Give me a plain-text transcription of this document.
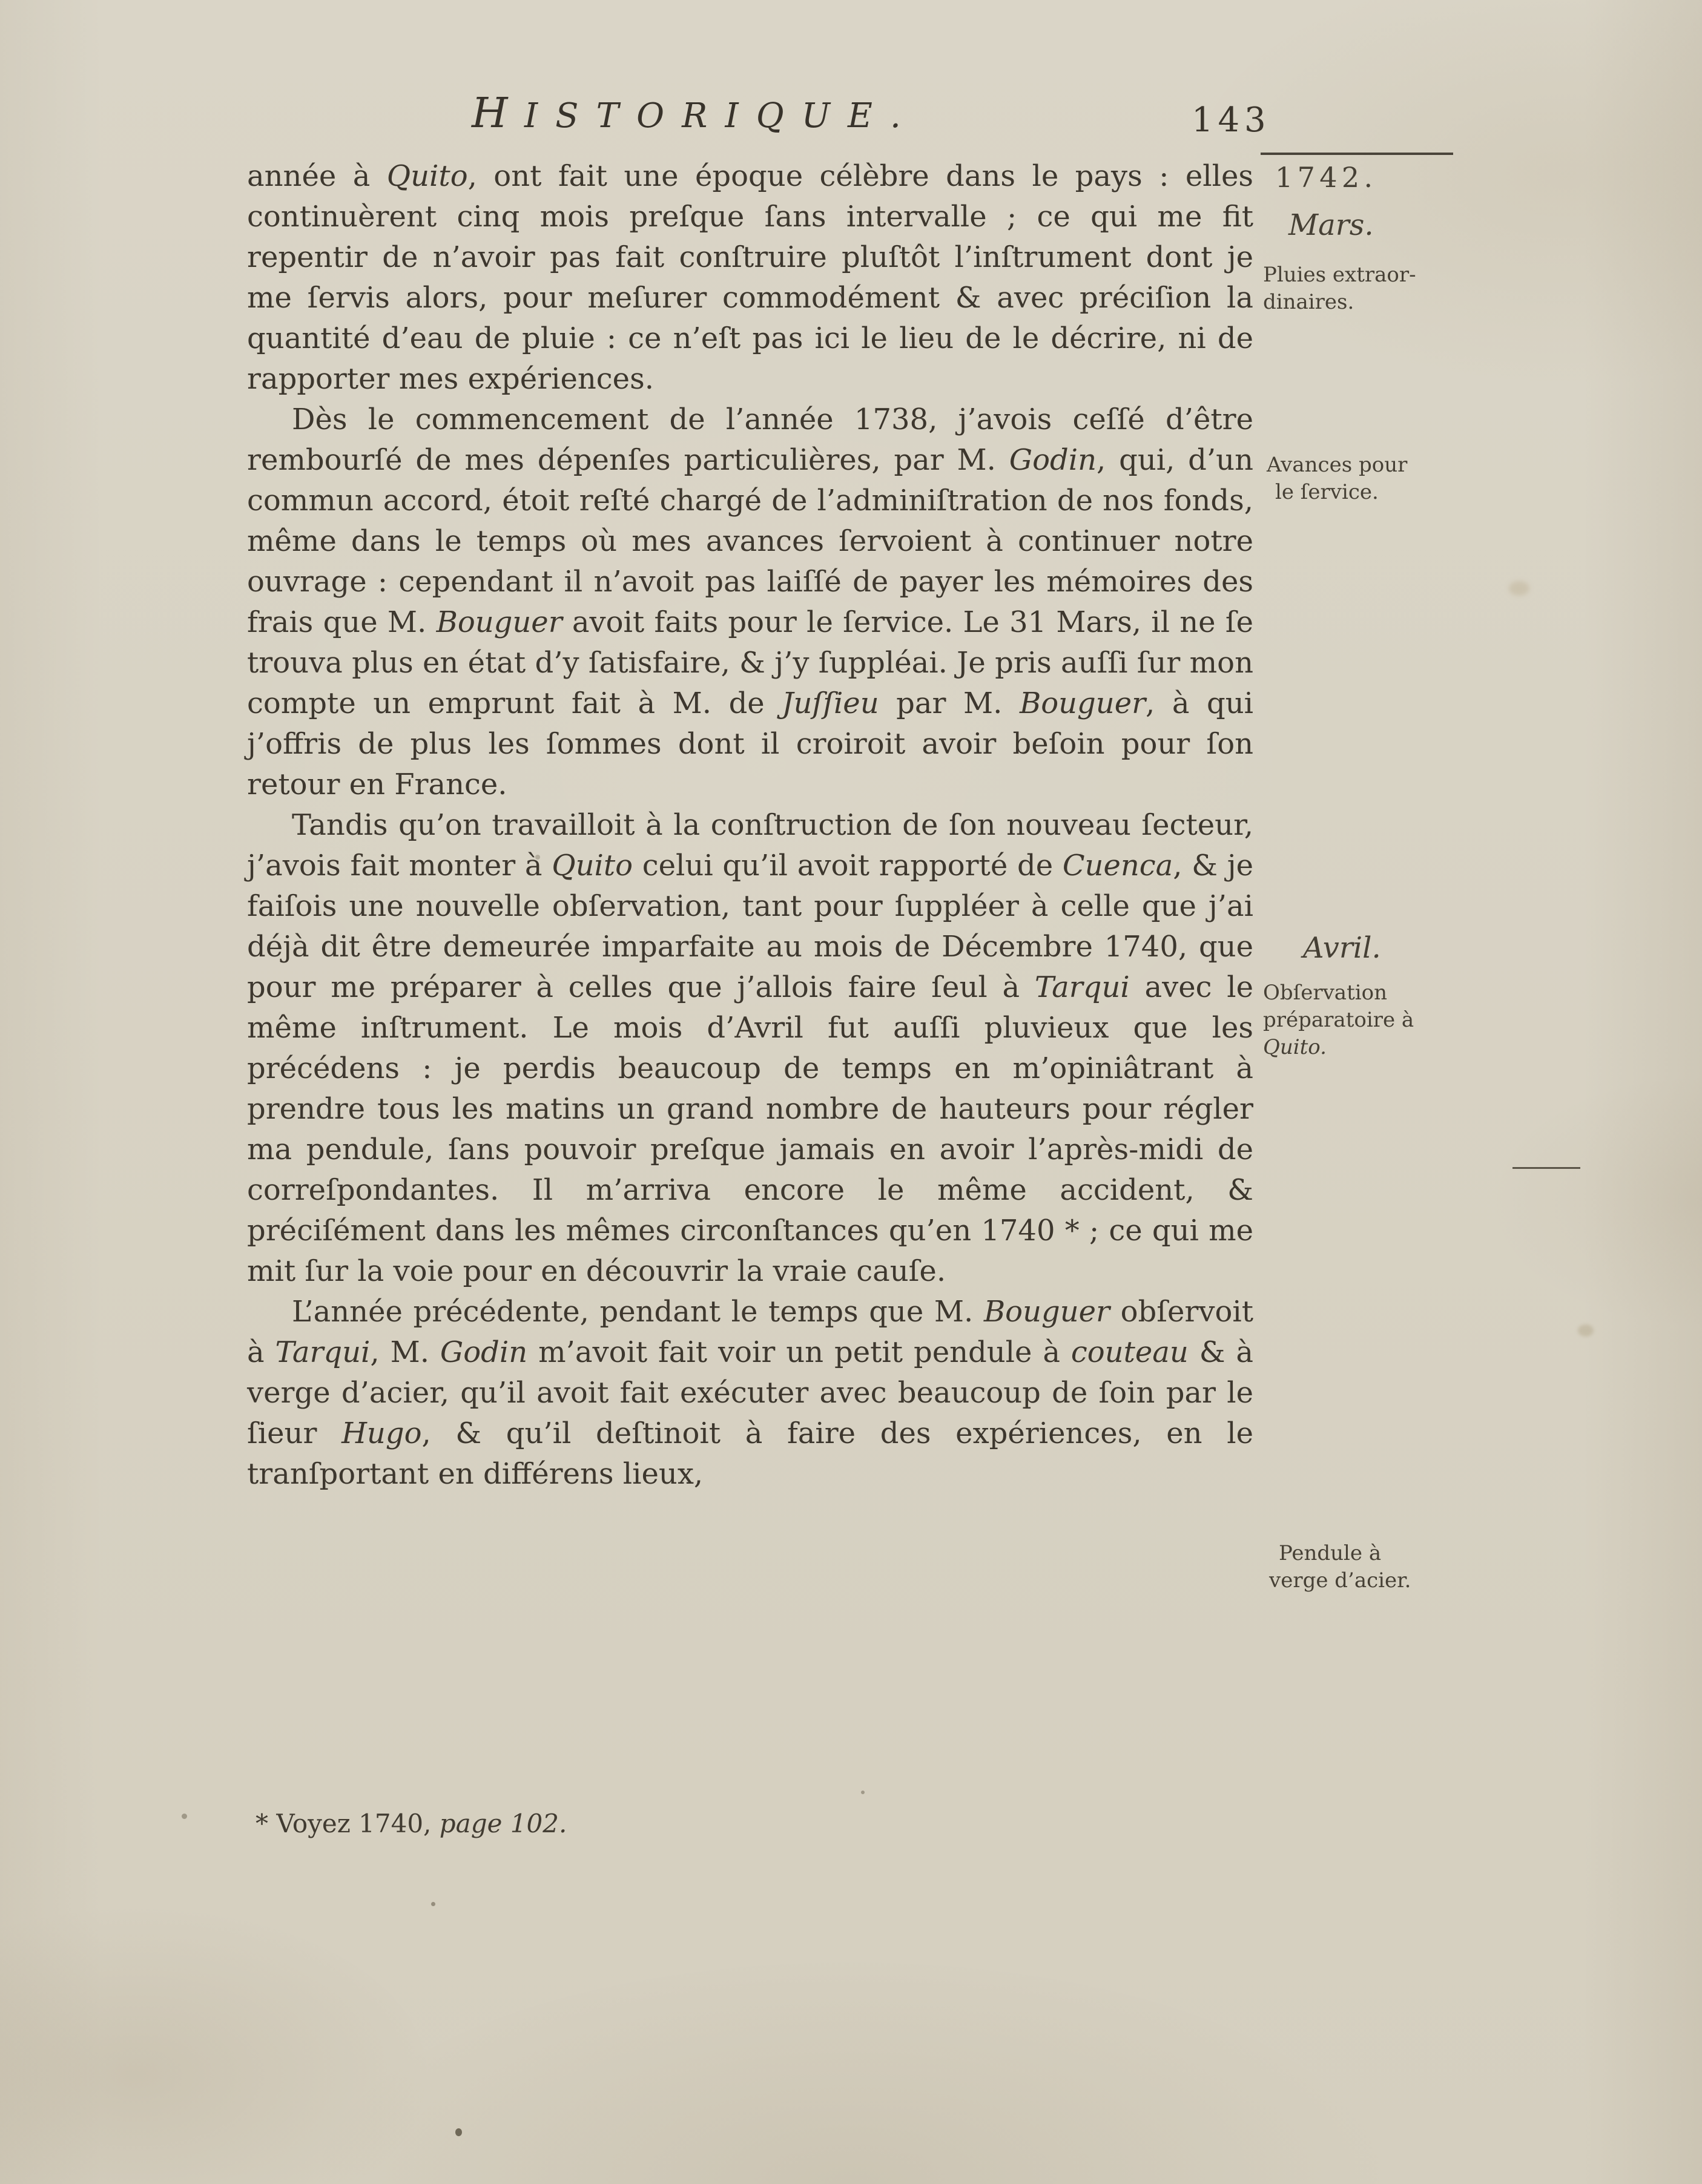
HISTORIQUE.	143

année à Quito, ont fait une époque célèbre dans le pays : elles continuèrent cinq mois preſque ſans intervalle ; ce qui me fit repentir de n’avoir pas fait conſtruire pluſtôt l’inſtrument dont je me ſervis alors, pour meſurer commodément & avec préciſion la quantité d’eau de pluie : ce n’eſt pas ici le lieu de le décrire, ni de rapporter mes expériences.

Dès le commencement de l’année 1738, j’avois ceſſé d’être rembourſé de mes dépenſes particulières, par M. Godin, qui, d’un commun accord, étoit reſté chargé de l’adminiſtration de nos fonds, même dans le temps où mes avances ſervoient à continuer notre ouvrage : cependant il n’avoit pas laiſſé de payer les mémoires des frais que M. Bouguer avoit faits pour le ſervice. Le 31 Mars, il ne ſe trouva plus en état d’y ſatisfaire, & j’y ſuppléai. Je pris auſſi ſur mon compte un emprunt fait à M. de Juſſieu par M. Bouguer, à qui j’offris de plus les ſommes dont il croiroit avoir beſoin pour ſon retour en France.

Tandis qu’on travailloit à la conſtruction de ſon nouveau ſecteur, j’avois fait monter à Quito celui qu’il avoit rapporté de Cuenca, & je faiſois une nouvelle obſervation, tant pour ſuppléer à celle que j’ai déjà dit être demeurée imparfaite au mois de Décembre 1740, que pour me préparer à celles que j’allois faire ſeul à Tarqui avec le même inſtrument. Le mois d’Avril fut auſſi pluvieux que les précédens : je perdis beaucoup de temps en m’opiniâtrant à prendre tous les matins un grand nombre de hauteurs pour régler ma pendule, ſans pouvoir preſque jamais en avoir l’après-midi de correſpondantes. Il m’arriva encore le même accident, & préciſément dans les mêmes circonſtances qu’en 1740 * ; ce qui me mit ſur la voie pour en découvrir la vraie cauſe.

L’année précédente, pendant le temps que M. Bouguer obſervoit à Tarqui, M. Godin m’avoit fait voir un petit pendule à couteau & à verge d’acier, qu’il avoit fait exécuter avec beaucoup de ſoin par le ſieur Hugo, & qu’il deſtinoit à faire des expériences, en le tranſportant en différens lieux,

1742.
Mars.
Pluies extraor-
dinaires.
Avances pour
le ſervice.
Avril.
Obſervation
préparatoire à
Quito.
Pendule à
verge d’acier.
* Voyez 1740, page 102.
